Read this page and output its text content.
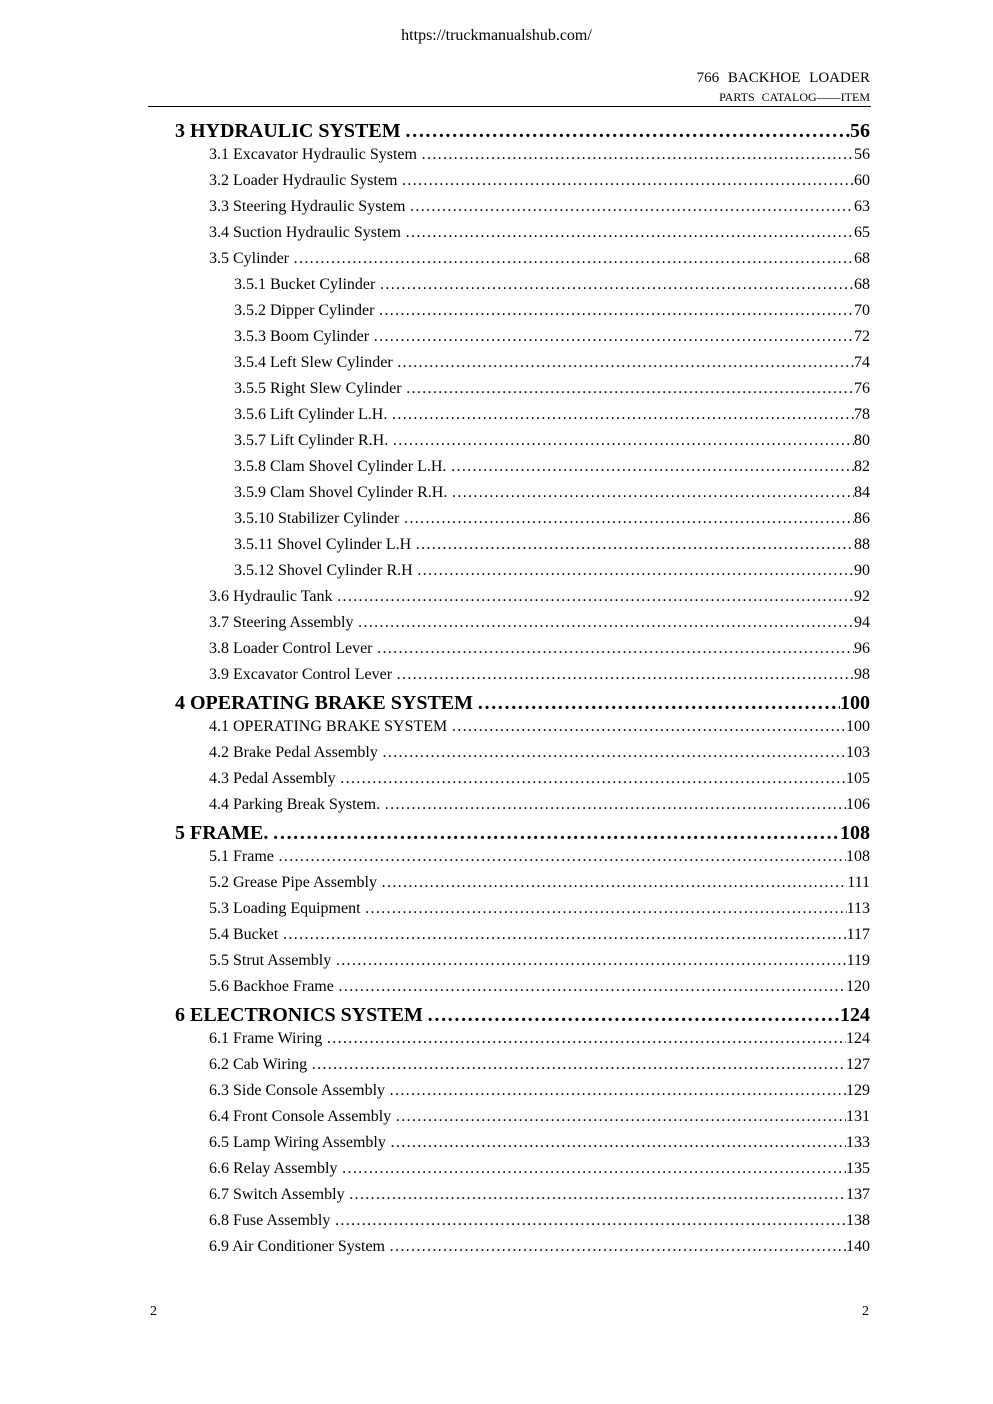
https://truckmanualshub.com/
766 BACKHOE LOADER
PARTS CATALOG——ITEM
3 HYDRAULIC SYSTEM …………………………………………………………………………………………………………………………………………………………	56
3.1 Excavator Hydraulic System …………………………………………………………………………………………………………………………………………………………	56
3.2 Loader Hydraulic System …………………………………………………………………………………………………………………………………………………………	60
3.3 Steering Hydraulic System …………………………………………………………………………………………………………………………………………………………	63
3.4 Suction Hydraulic System …………………………………………………………………………………………………………………………………………………………	65
3.5 Cylinder …………………………………………………………………………………………………………………………………………………………	68
3.5.1 Bucket Cylinder …………………………………………………………………………………………………………………………………………………………	68
3.5.2 Dipper Cylinder …………………………………………………………………………………………………………………………………………………………	70
3.5.3 Boom Cylinder …………………………………………………………………………………………………………………………………………………………	72
3.5.4 Left Slew Cylinder …………………………………………………………………………………………………………………………………………………………	74
3.5.5 Right Slew Cylinder …………………………………………………………………………………………………………………………………………………………	76
3.5.6 Lift Cylinder L.H. …………………………………………………………………………………………………………………………………………………………	78
3.5.7 Lift Cylinder R.H. …………………………………………………………………………………………………………………………………………………………	80
3.5.8 Clam Shovel Cylinder L.H. …………………………………………………………………………………………………………………………………………………………	82
3.5.9 Clam Shovel Cylinder R.H. …………………………………………………………………………………………………………………………………………………………	84
3.5.10 Stabilizer Cylinder …………………………………………………………………………………………………………………………………………………………	86
3.5.11 Shovel Cylinder L.H …………………………………………………………………………………………………………………………………………………………	88
3.5.12 Shovel Cylinder R.H …………………………………………………………………………………………………………………………………………………………	90
3.6 Hydraulic Tank …………………………………………………………………………………………………………………………………………………………	92
3.7 Steering Assembly …………………………………………………………………………………………………………………………………………………………	94
3.8 Loader Control Lever …………………………………………………………………………………………………………………………………………………………	96
3.9 Excavator Control Lever …………………………………………………………………………………………………………………………………………………………	98
4 OPERATING BRAKE SYSTEM …………………………………………………………………………………………………………………………………………………………	100
4.1 OPERATING BRAKE SYSTEM …………………………………………………………………………………………………………………………………………………………	100
4.2 Brake Pedal Assembly …………………………………………………………………………………………………………………………………………………………	103
4.3 Pedal Assembly …………………………………………………………………………………………………………………………………………………………	105
4.4 Parking Break System. …………………………………………………………………………………………………………………………………………………………	106
5 FRAME. …………………………………………………………………………………………………………………………………………………………	108
5.1 Frame …………………………………………………………………………………………………………………………………………………………	108
5.2 Grease Pipe Assembly …………………………………………………………………………………………………………………………………………………………	111
5.3 Loading Equipment …………………………………………………………………………………………………………………………………………………………	113
5.4 Bucket …………………………………………………………………………………………………………………………………………………………	117
5.5 Strut Assembly …………………………………………………………………………………………………………………………………………………………	119
5.6 Backhoe Frame …………………………………………………………………………………………………………………………………………………………	120
6 ELECTRONICS SYSTEM …………………………………………………………………………………………………………………………………………………………	124
6.1 Frame Wiring …………………………………………………………………………………………………………………………………………………………	124
6.2 Cab Wiring …………………………………………………………………………………………………………………………………………………………	127
6.3 Side Console Assembly …………………………………………………………………………………………………………………………………………………………	129
6.4 Front Console Assembly …………………………………………………………………………………………………………………………………………………………	131
6.5 Lamp Wiring Assembly …………………………………………………………………………………………………………………………………………………………	133
6.6 Relay Assembly …………………………………………………………………………………………………………………………………………………………	135
6.7 Switch Assembly …………………………………………………………………………………………………………………………………………………………	137
6.8 Fuse Assembly …………………………………………………………………………………………………………………………………………………………	138
6.9 Air Conditioner System …………………………………………………………………………………………………………………………………………………………	140
2	2
